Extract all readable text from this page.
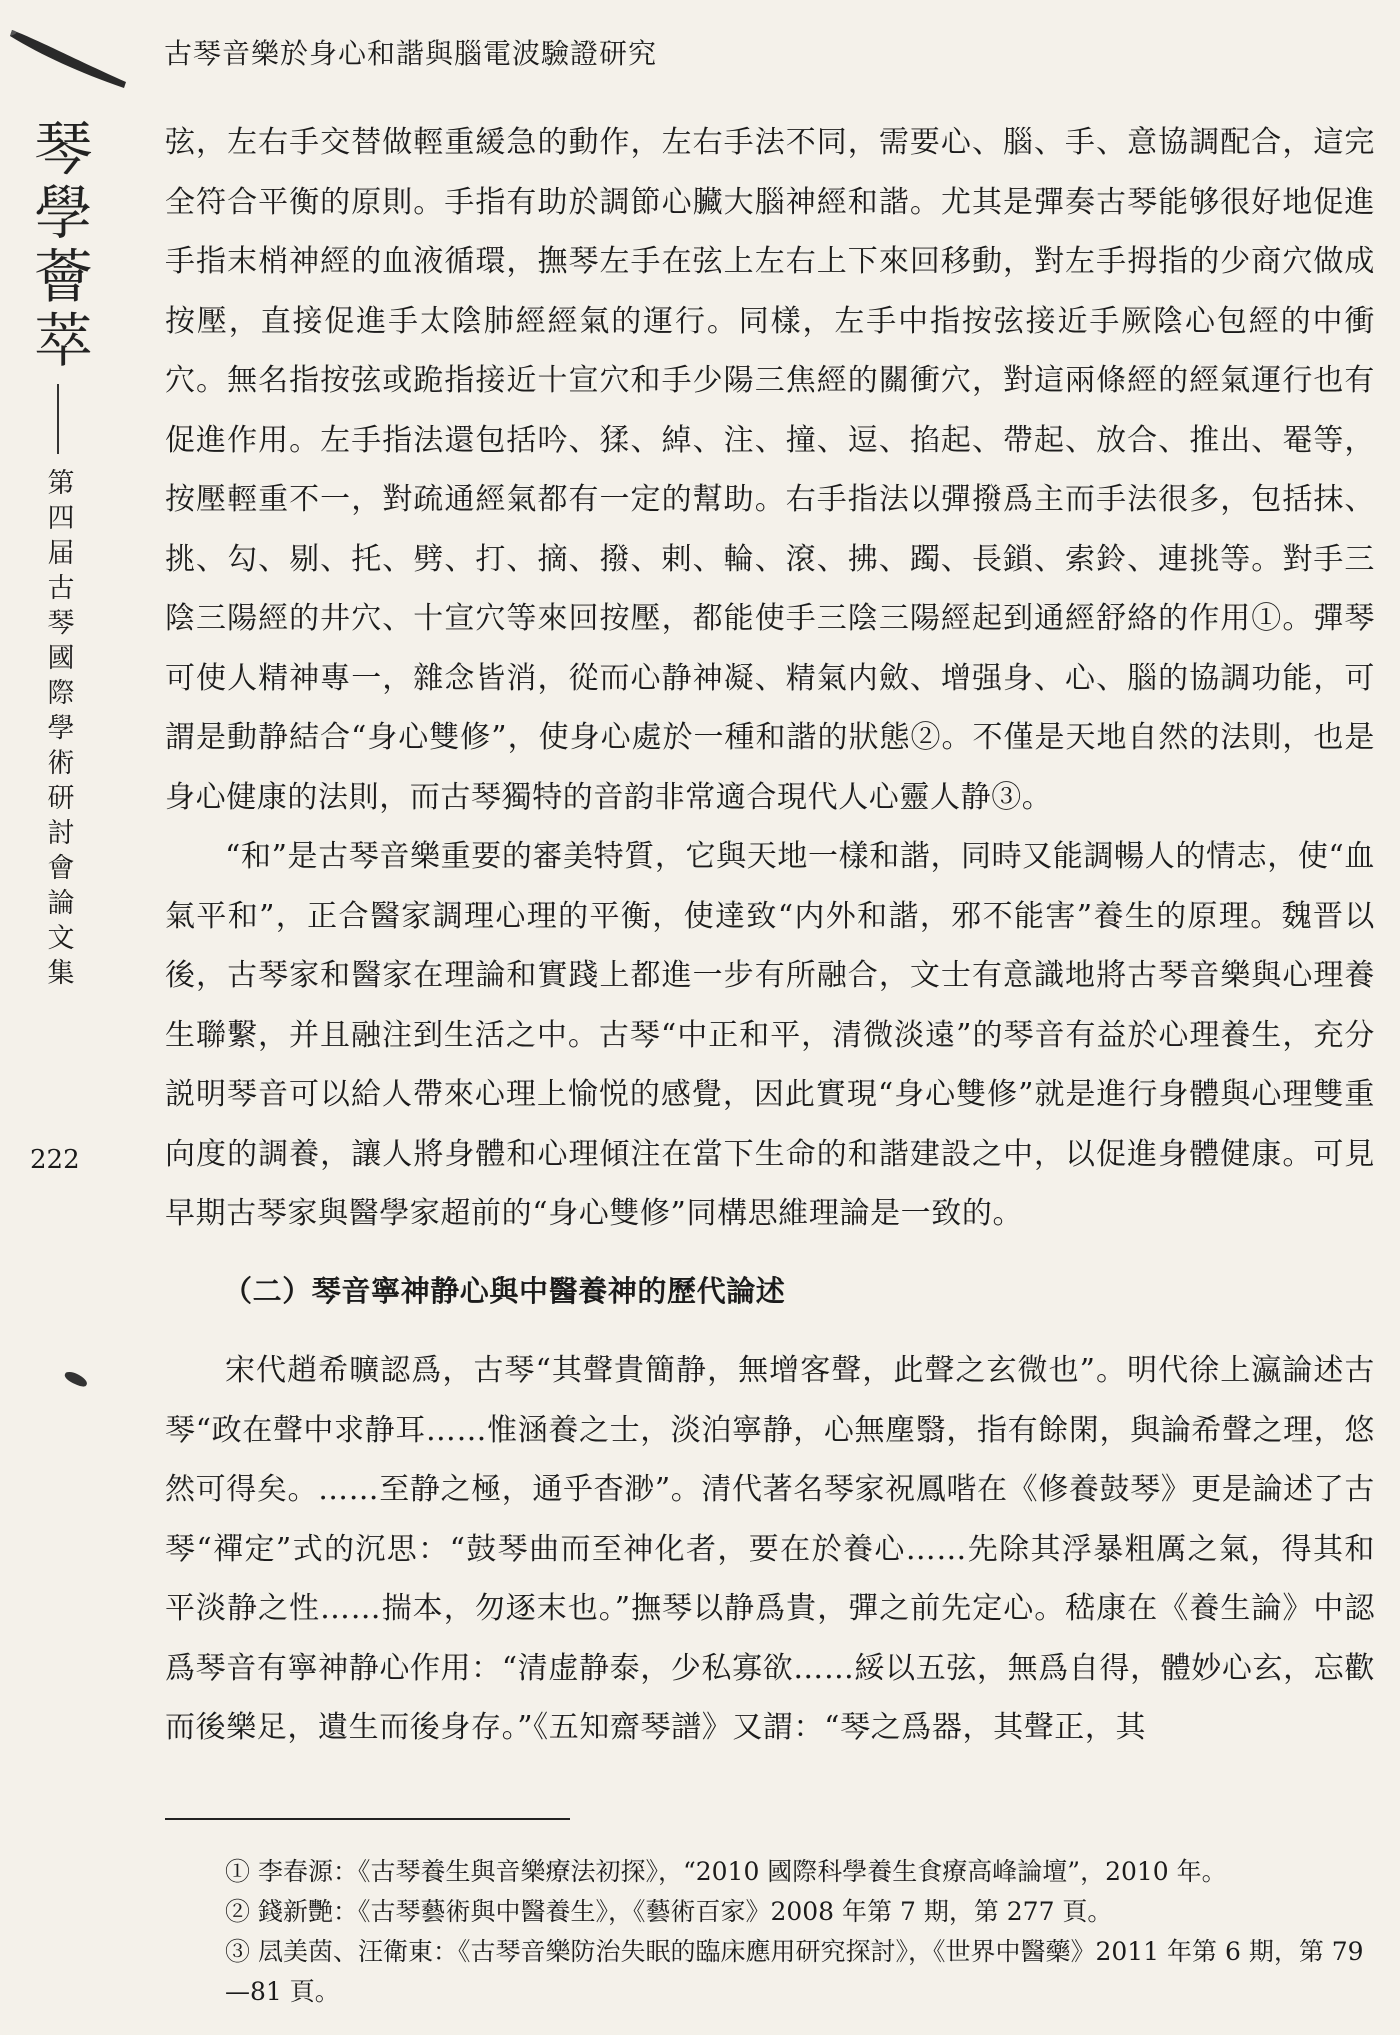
古琴音樂於身心和諧與腦電波驗證研究
琴學薈萃
第四届古琴國際學術研討會論文集
222

弦，左右手交替做輕重緩急的動作，左右手法不同，需要心、腦、手、意協調配合，這完全符合平衡的原則。手指有助於調節心臟大腦神經和諧。尤其是彈奏古琴能够很好地促進手指末梢神經的血液循環，撫琴左手在弦上左右上下來回移動，對左手拇指的少商穴做成按壓，直接促進手太陰肺經經氣的運行。同樣，左手中指按弦接近手厥陰心包經的中衝穴。無名指按弦或跪指接近十宣穴和手少陽三焦經的關衝穴，對這兩條經的經氣運行也有促進作用。左手指法還包括吟、猱、綽、注、撞、逗、掐起、帶起、放合、推出、罨等，按壓輕重不一，對疏通經氣都有一定的幫助。右手指法以彈撥爲主而手法很多，包括抹、挑、勾、剔、托、劈、打、摘、撥、剌、輪、滾、拂、躅、長鎖、索鈴、連挑等。對手三陰三陽經的井穴、十宣穴等來回按壓，都能使手三陰三陽經起到通經舒絡的作用①。彈琴可使人精神專一，雜念皆消，從而心静神凝、精氣内斂、增强身、心、腦的協調功能，可謂是動静結合“身心雙修”，使身心處於一種和諧的狀態②。不僅是天地自然的法則，也是身心健康的法則，而古琴獨特的音韵非常適合現代人心靈人静③。

“和”是古琴音樂重要的審美特質，它與天地一樣和諧，同時又能調暢人的情志，使“血氣平和”，正合醫家調理心理的平衡，使達致“内外和諧，邪不能害”養生的原理。魏晋以後，古琴家和醫家在理論和實踐上都進一步有所融合，文士有意識地將古琴音樂與心理養生聯繫，并且融注到生活之中。古琴“中正和平，清微淡遠”的琴音有益於心理養生，充分説明琴音可以給人帶來心理上愉悦的感覺，因此實現“身心雙修”就是進行身體與心理雙重向度的調養，讓人將身體和心理傾注在當下生命的和諧建設之中，以促進身體健康。可見早期古琴家與醫學家超前的“身心雙修”同構思維理論是一致的。

（二）琴音寧神静心與中醫養神的歷代論述

宋代趙希曠認爲，古琴“其聲貴簡静，無增客聲，此聲之玄微也”。明代徐上瀛論述古琴“政在聲中求静耳……惟涵養之士，淡泊寧静，心無塵翳，指有餘閑，與論希聲之理，悠然可得矣。……至静之極，通乎杳渺”。清代著名琴家祝鳳喈在《修養鼓琴》更是論述了古琴“禪定”式的沉思：“鼓琴曲而至神化者，要在於養心……先除其浮暴粗厲之氣，得其和平淡静之性……揣本，勿逐末也。”撫琴以静爲貴，彈之前先定心。嵇康在《養生論》中認爲琴音有寧神静心作用：“清虚静泰，少私寡欲……綏以五弦，無爲自得，體妙心玄，忘歡而後樂足，遺生而後身存。”《五知齋琴譜》又謂：“琴之爲器，其聲正，其

① 李春源：《古琴養生與音樂療法初探》，“2010 國際科學養生食療高峰論壇”，2010 年。

② 錢新艷：《古琴藝術與中醫養生》，《藝術百家》2008 年第 7 期，第 277 頁。

③ 凨美茵、汪衛東：《古琴音樂防治失眠的臨床應用研究探討》，《世界中醫藥》2011 年第 6 期，第 79—81 頁。
